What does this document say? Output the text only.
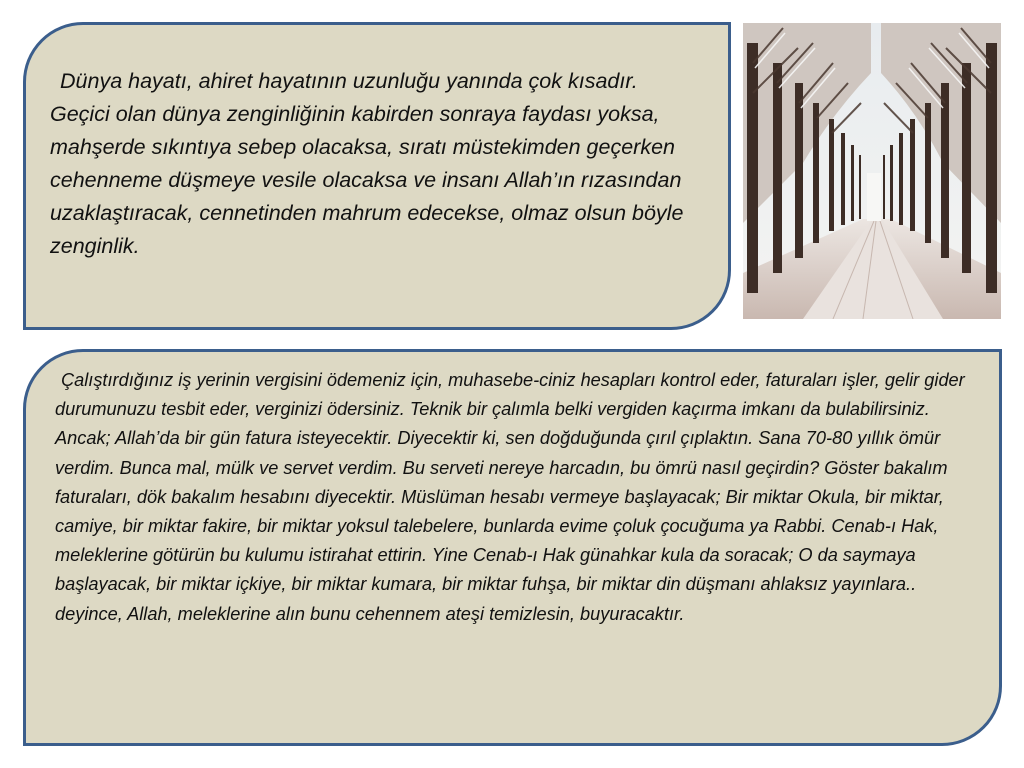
Dünya hayatı, ahiret hayatının uzunluğu yanında çok kısadır. Geçici olan dünya zenginliğinin kabirden sonraya faydası yoksa, mahşerde sıkıntıya sebep olacaksa, sıratı müstekimden geçerken cehenneme düşmeye vesile olacaksa ve insanı Allah’ın rızasından uzaklaştıracak, cennetinden mahrum edecekse, olmaz olsun böyle zenginlik.

Çalıştırdığınız iş yerinin vergisini ödemeniz için, muhasebe-ciniz hesapları kontrol eder, faturaları işler, gelir gider durumunuzu tesbit eder, verginizi ödersiniz. Teknik bir çalımla belki vergiden kaçırma imkanı da bulabilirsiniz. Ancak; Allah’da bir gün fatura isteyecektir. Diyecektir ki, sen doğduğunda çırıl çıplaktın. Sana 70-80 yıllık ömür verdim. Bunca mal, mülk ve servet verdim. Bu serveti nereye harcadın, bu ömrü nasıl geçirdin? Göster bakalım faturaları, dök bakalım hesabını diyecektir. Müslüman hesabı vermeye başlayacak; Bir miktar Okula, bir miktar, camiye, bir miktar fakire, bir miktar yoksul talebelere, bunlarda evime çoluk çocuğuma ya Rabbi. Cenab-ı Hak, meleklerine götürün bu kulumu istirahat ettirin. Yine Cenab-ı Hak günahkar kula da soracak; O da saymaya başlayacak, bir miktar içkiye, bir miktar kumara, bir miktar fuhşa, bir miktar din düşmanı ahlaksız yayınlara.. deyince, Allah, meleklerine alın bunu cehennem ateşi temizlesin, buyuracaktır.
